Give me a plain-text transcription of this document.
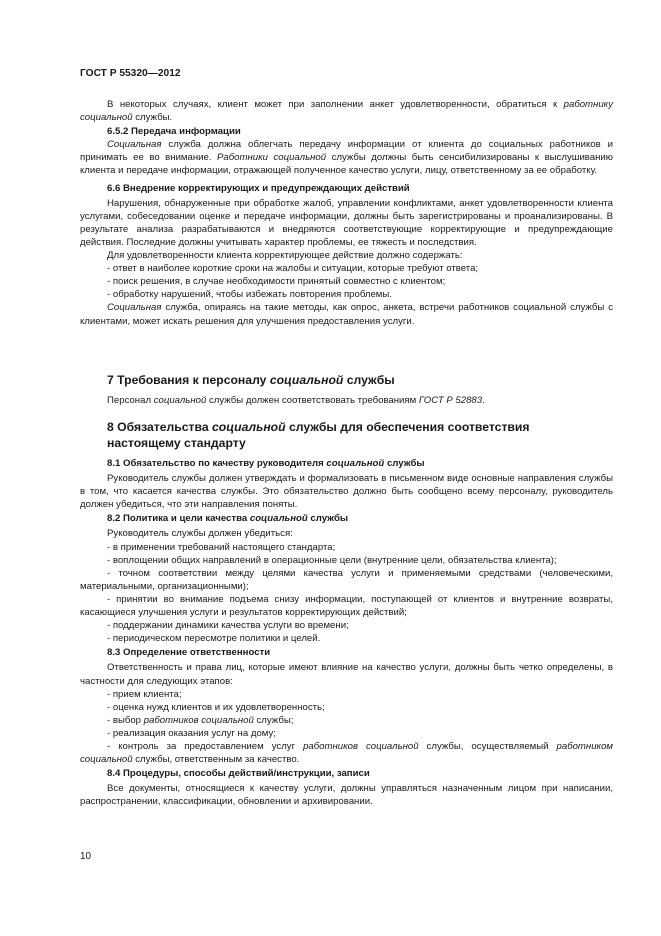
ГОСТ Р 55320—2012

В некоторых случаях, клиент может при заполнении анкет удовлетворенности, обратиться к работнику социальной службы.

6.5.2 Передача информации

Социальная служба должна облегчать передачу информации от клиента до социальных работников и принимать ее во внимание. Работники социальной службы должны быть сенсибилизированы к выслушиванию клиента и передаче информации, отражающей полученное качество услуги, лицу, ответственному за ее обработку.

6.6 Внедрение корректирующих и предупреждающих действий

Нарушения, обнаруженные при обработке жалоб, управлении конфликтами, анкет удовлетворенности клиента услугами, собеседовании оценке и передаче информации, должны быть зарегистрированы и проанализированы. В результате анализа разрабатываются и внедряются соответствующие корректирующие и предупреждающие действия. Последние должны учитывать характер проблемы, ее тяжесть и последствия.

Для удовлетворенности клиента корректирующее действие должно содержать:

- ответ в наиболее короткие сроки на жалобы и ситуации, которые требуют ответа;

- поиск решения, в случае необходимости принятый совместно с клиентом;

- обработку нарушений, чтобы избежать повторения проблемы.

Социальная служба, опираясь на такие методы, как опрос, анкета, встречи работников социальной службы с клиентами, может искать решения для улучшения предоставления услуги.

7 Требования к персоналу социальной службы

Персонал социальной службы должен соответствовать требованиям ГОСТ Р 52883.

8 Обязательства социальной службы для обеспечения соответствия
настоящему стандарту
8.1 Обязательство по качеству руководителя социальной службы

Руководитель службы должен утверждать и формализовать в письменном виде основные направления службы в том, что касается качества службы. Это обязательство должно быть сообщено всему персоналу, руководитель должен убедиться, что эти направления поняты.

8.2 Политика и цели качества социальной службы

Руководитель службы должен убедиться:

- в применении требований настоящего стандарта;

- воплощении общих направлений в операционные цели (внутренние цели, обязательства клиента);

- точном соответствии между целями качества услуги и применяемыми средствами (человеческими, материальными, организационными);

- принятии во внимание подъема снизу информации, поступающей от клиентов и внутренние возвраты, касающиеся улучшения услуги и результатов корректирующих действий;

- поддержании динамики качества услуги во времени;

- периодическом пересмотре политики и целей.

8.3 Определение ответственности

Ответственность и права лиц, которые имеют влияние на качество услуги, должны быть четко определены, в частности для следующих этапов:

- прием клиента;

- оценка нужд клиентов и их удовлетворенность;

- выбор работников социальной службы;

- реализация оказания услуг на дому;

- контроль за предоставлением услуг работников социальной службы, осуществляемый работником социальной службы, ответственным за качество.

8.4 Процедуры, способы действий/инструкции, записи

Все документы, относящиеся к качеству услуги, должны управляться назначенным лицом при написании, распространении, классификации, обновлении и архивировании.

10
